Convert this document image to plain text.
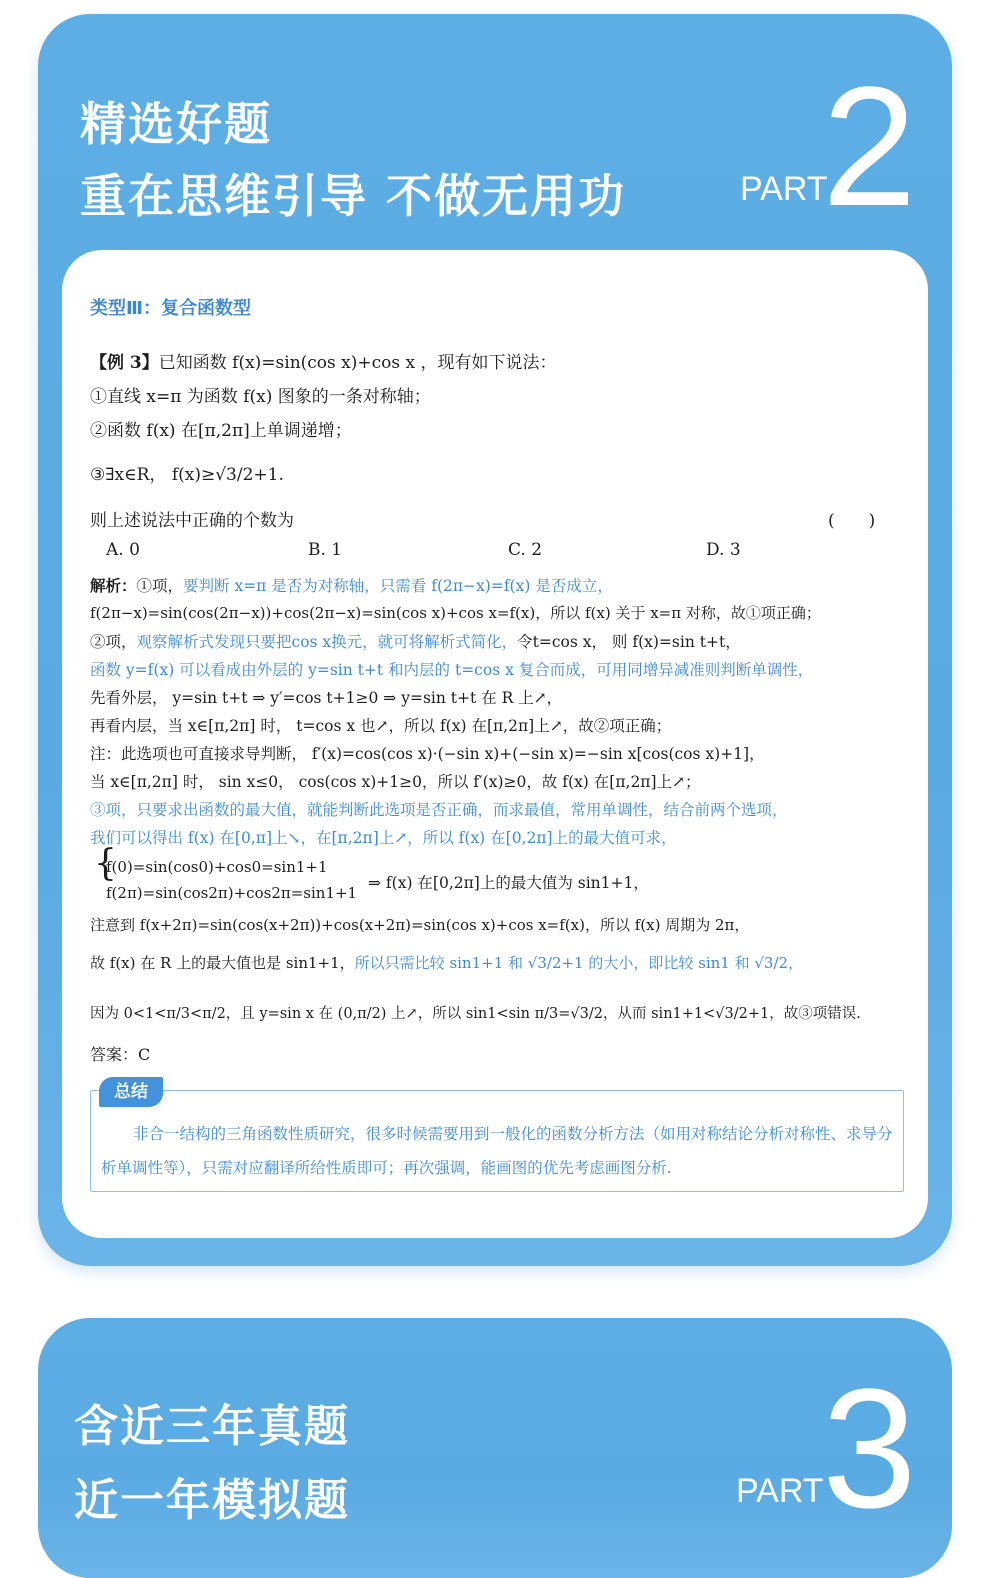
精选好题
重在思维引导 不做无用功	PART
2
类型Ⅲ：复合函数型
【例 3】已知函数 f(x)=sin(cos x)+cos x ，现有如下说法：
①直线 x=π 为函数 f(x) 图象的一条对称轴；
②函数 f(x) 在[π,2π]上单调递增；
③∃x∈R， f(x)≥√3/2+1.
则上述说法中正确的个数为	(　　)
A. 0	B. 1	C. 2	D. 3
解析：①项，要判断 x=π 是否为对称轴，只需看 f(2π−x)=f(x) 是否成立，
f(2π−x)=sin(cos(2π−x))+cos(2π−x)=sin(cos x)+cos x=f(x)，所以 f(x) 关于 x=π 对称，故①项正确；
②项，观察解析式发现只要把cos x换元，就可将解析式简化，令t=cos x， 则 f(x)=sin t+t，
函数 y=f(x) 可以看成由外层的 y=sin t+t 和内层的 t=cos x 复合而成，可用同增异减准则判断单调性，
先看外层， y=sin t+t ⇒ y′=cos t+1≥0 ⇒ y=sin t+t 在 R 上↗，
再看内层，当 x∈[π,2π] 时， t=cos x 也↗，所以 f(x) 在[π,2π]上↗，故②项正确；
注：此选项也可直接求导判断， f′(x)=cos(cos x)·(−sin x)+(−sin x)=−sin x[cos(cos x)+1]，
当 x∈[π,2π] 时， sin x≤0， cos(cos x)+1≥0，所以 f′(x)≥0，故 f(x) 在[π,2π]上↗；
③项，只要求出函数的最大值，就能判断此选项是否正确，而求最值，常用单调性，结合前两个选项，
我们可以得出 f(x) 在[0,π]上↘，在[π,2π]上↗，所以 f(x) 在[0,2π]上的最大值可求，
{
f(0)=sin(cos0)+cos0=sin1+1
f(2π)=sin(cos2π)+cos2π=sin1+1
⇒ f(x) 在[0,2π]上的最大值为 sin1+1，
注意到 f(x+2π)=sin(cos(x+2π))+cos(x+2π)=sin(cos x)+cos x=f(x)，所以 f(x) 周期为 2π，
故 f(x) 在 R 上的最大值也是 sin1+1，所以只需比较 sin1+1 和 √3/2+1 的大小，即比较 sin1 和 √3/2，
因为 0<1<π/3<π/2，且 y=sin x 在 (0,π/2) 上↗，所以 sin1<sin π/3=√3/2，从而 sin1+1<√3/2+1，故③项错误.
答案：C
总结
非合一结构的三角函数性质研究，很多时候需要用到一般化的函数分析方法（如用对称结论分析对称性、求导分析单调性等），只需对应翻译所给性质即可；再次强调，能画图的优先考虑画图分析.
含近三年真题
近一年模拟题	PART
3
